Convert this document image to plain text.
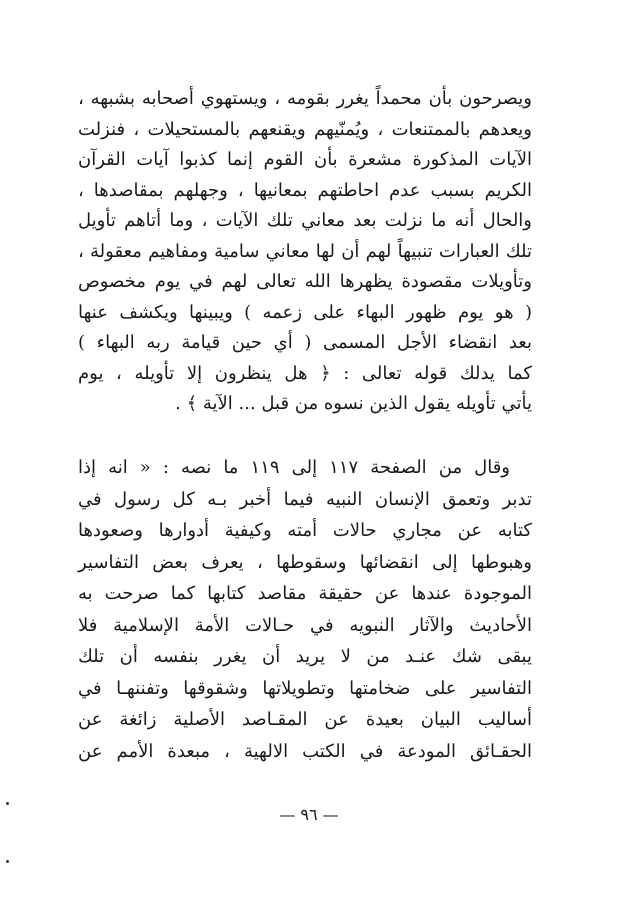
ويصرحون بأن محمداً يغرر بقومه ، ويستهوي أصحابه بشبهه ،
ويعدهم بالممتنعات ، ويُمنّيهم ويقنعهم بالمستحيلات ، فنزلت
الآيات المذكورة مشعرة بأن القوم إنما كذبوا آيات القرآن
الكريم بسبب عدم احاطتهم بمعانيها ، وجهلهم بمقاصدها ،
والحال أنه ما نزلت بعد معاني تلك الآيات ، وما أتاهم تأويل
تلك العبارات تنبيهاً لهم أن لها معاني سامية ومفاهيم معقولة ،
وتأويلات مقصودة يظهرها الله تعالى لهم في يوم مخصوص
( هو يوم ظهور البهاء على زعمه ) ويبينها ويكشف عنها
بعد انقضاء الأجل المسمى ( أي حين قيامة ربه البهاء )
كما يدلك قوله تعالى : ﴿ هل ينظرون إلا تأويله ، يوم
يأتي تأويله يقول الذين نسوه من قبل ... الآية ﴾ .
وقال من الصفحة ١١٧ إلى ١١٩ ما نصه : « انه إذا
تدبر وتعمق الإنسان النبيه فيما أخبر بـه كل رسول في
كتابه عن مجاري حالات أمته وكيفية أدوارها وصعودها
وهبوطها إلى انقضائها وسقوطها ، يعرف بعض التفاسير
الموجودة عندها عن حقيقة مقاصد كتابها كما صرحت به
الأحاديث والآثار النبويه في حـالات الأمة الإسلامية فلا
يبقى شك عنـد من لا يريد أن يغرر بنفسه أن تلك
التفاسير على ضخامتها وتطويلاتها وشقوقها وتفننهـا في
أساليب البيان بعيدة عن المقـاصد الأصلية زائغة عن
الحقـائق المودعة في الكتب الالهية ، مبعدة الأمم عن
— ٩٦ —
